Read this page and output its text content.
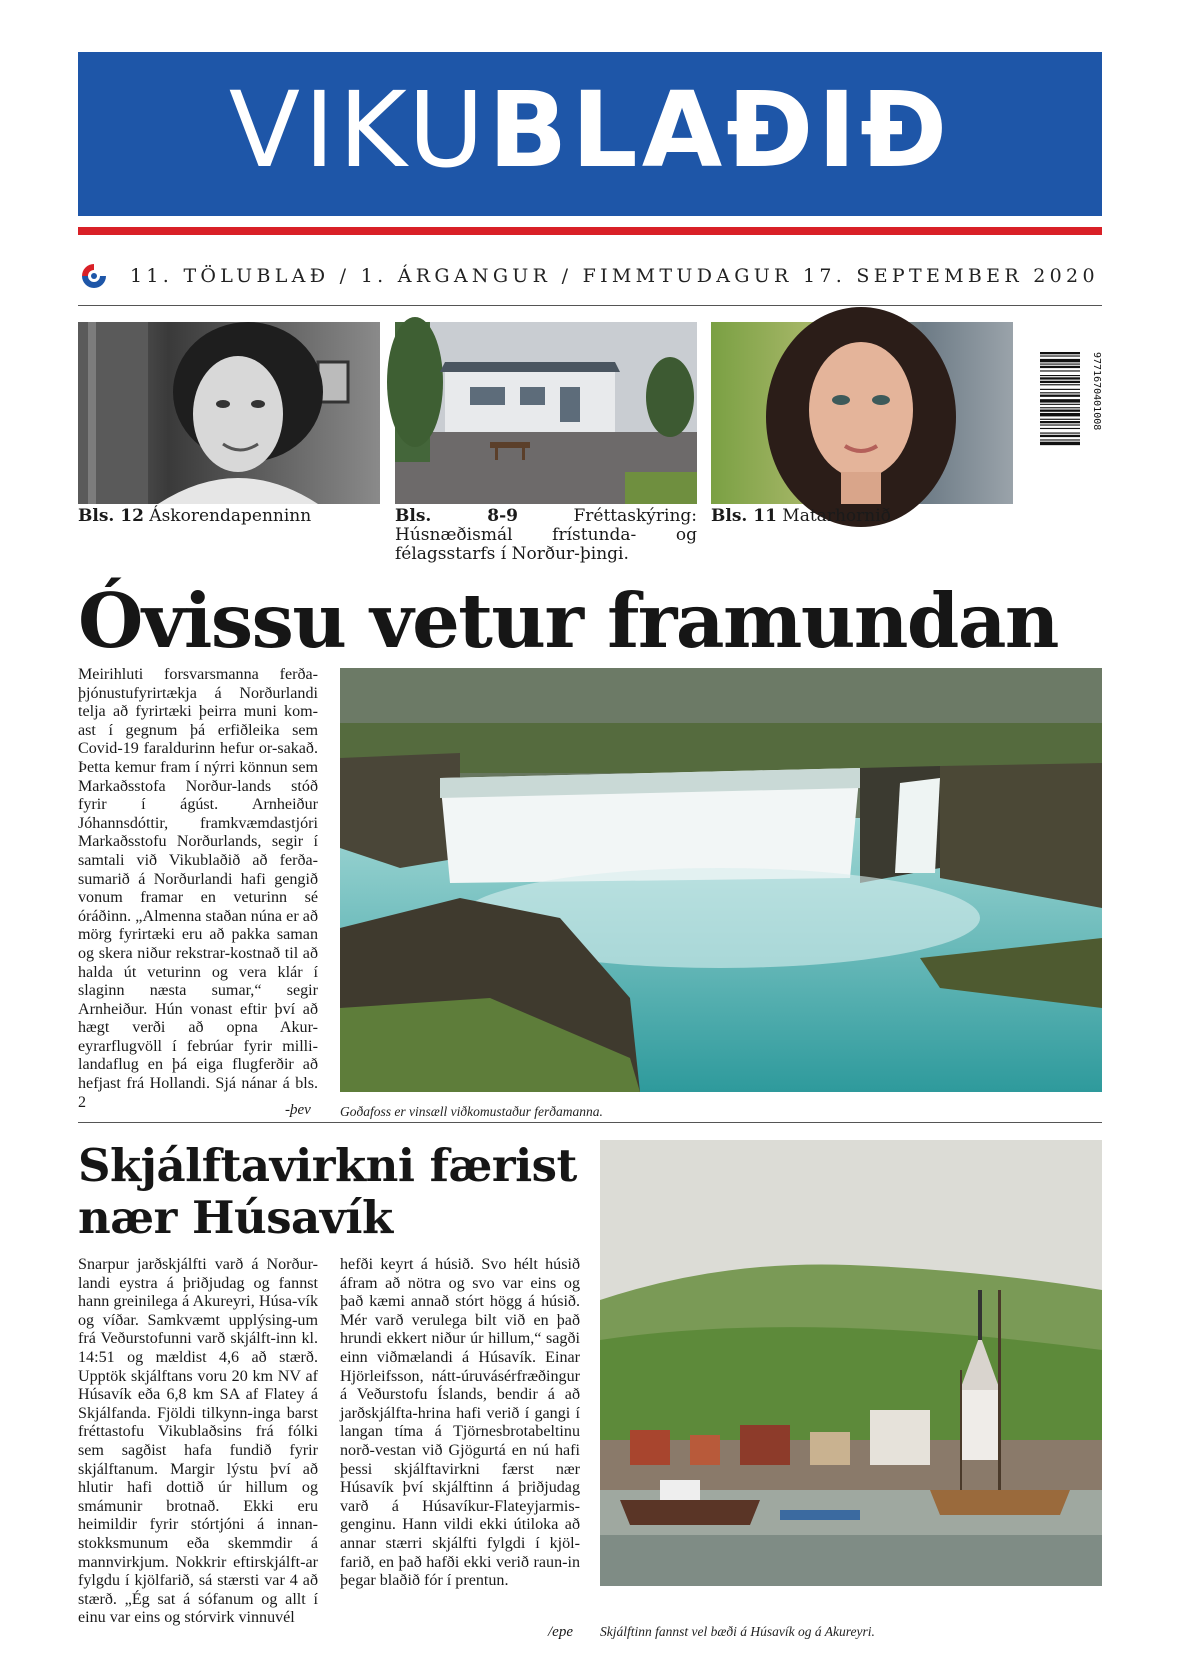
VIKUBLAÐIÐ
11. TÖLUBLAÐ / 1. ÁRGANGUR / FIMMTUDAGUR 17. SEPTEMBER 2020
Bls. 12 Áskorendapenninn	Bls. 8-9 Fréttaskýring: Húsnæðismál frístunda- og félagsstarfs í Norður-þingi.
Bls. 11 Matarhornið
9771670401008
Óvissu vetur framundan
Meirihluti forsvarsmanna ferða-þjónustufyrirtækja á Norðurlandi telja að fyrirtæki þeirra muni kom-ast í gegnum þá erfiðleika sem Covid-19 faraldurinn hefur or-sakað. Þetta kemur fram í nýrri könnun sem Markaðsstofa Norður-lands stóð fyrir í ágúst. Arnheiður Jóhannsdóttir, framkvæmdastjóri Markaðsstofu Norðurlands, segir í samtali við Vikublaðið að ferða-sumarið á Norðurlandi hafi gengið vonum framar en veturinn sé óráðinn. „Almenna staðan núna er að mörg fyrirtæki eru að pakka saman og skera niður rekstrar-kostnað til að halda út veturinn og vera klár í slaginn næsta sumar,“ segir Arnheiður. Hún vonast eftir því að hægt verði að opna Akur-eyrarflugvöll í febrúar fyrir milli-landaflug en þá eiga flugferðir að hefjast frá Hollandi. Sjá nánar á bls. 2	-þev Goðafoss er vinsæll viðkomustaður ferðamanna.
Skjálftavirkni færist nær Húsavík
Snarpur jarðskjálfti varð á Norður-landi eystra á þriðjudag og fannst hann greinilega á Akureyri, Húsa-vík og víðar. Samkvæmt upplýsing-um frá Veðurstofunni varð skjálft-inn kl. 14:51 og mældist 4,6 að stærð. Upptök skjálftans voru 20 km NV af Húsavík eða 6,8 km SA af Flatey á Skjálfanda. Fjöldi tilkynn-inga barst fréttastofu Vikublaðsins frá fólki sem sagðist hafa fundið fyrir skjálftanum. Margir lýstu því að hlutir hafi dottið úr hillum og smámunir brotnað. Ekki eru heimildir fyrir stórtjóni á innan-stokksmunum eða skemmdir á mannvirkjum. Nokkrir eftirskjálft-ar fylgdu í kjölfarið, sá stærsti var 4 að stærð. „Ég sat á sófanum og allt í einu var eins og stórvirk vinnuvél
hefði keyrt á húsið. Svo hélt húsið áfram að nötra og svo var eins og það kæmi annað stórt högg á húsið. Mér varð verulega bilt við en það hrundi ekkert niður úr hillum,“ sagði einn viðmælandi á Húsavík. Einar Hjörleifsson, nátt-úruvásérfræðingur á Veðurstofu Íslands, bendir á að jarðskjálfta-hrina hafi verið í gangi í langan tíma á Tjörnesbrotabeltinu norð-vestan við Gjögurtá en nú hafi þessi skjálftavirkni færst nær Húsavík því skjálftinn á þriðjudag varð á Húsavíkur-Flateyjarmis-genginu. Hann vildi ekki útiloka að annar stærri skjálfti fylgdi í kjöl-farið, en það hafði ekki verið raun-in þegar blaðið fór í prentun.
/epe Skjálftinn fannst vel bæði á Húsavík og á Akureyri.
